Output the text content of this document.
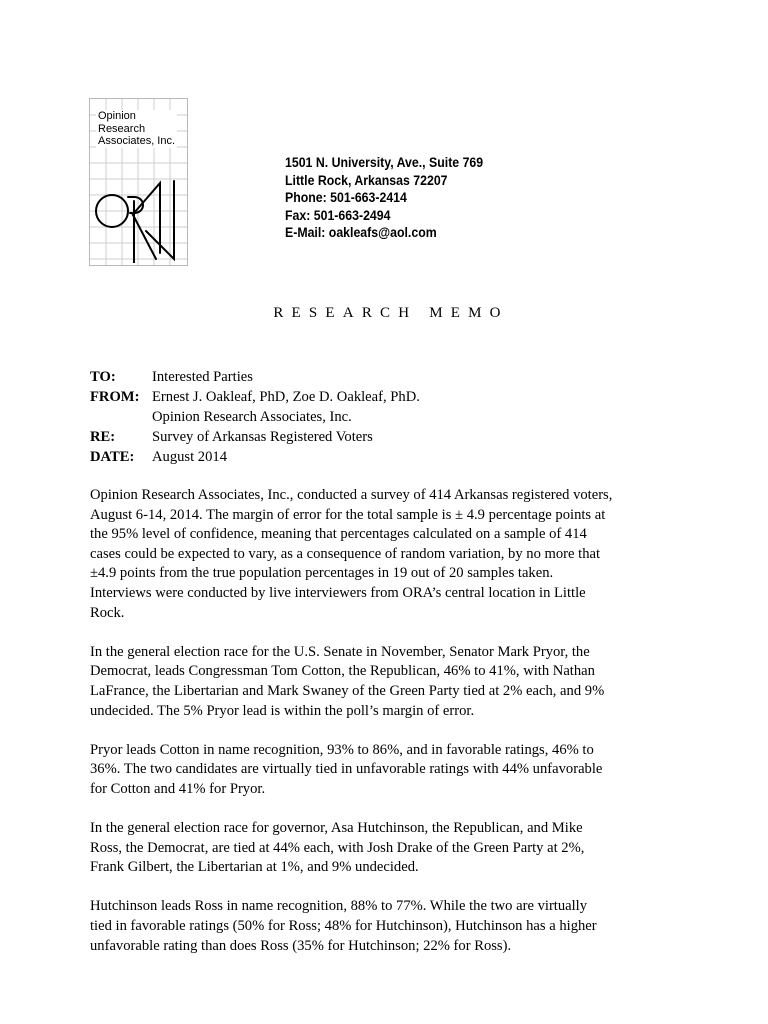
Opinion
Research
Associates, Inc.
1501 N. University, Ave., Suite 769
Little Rock, Arkansas 72207
Phone: 501-663-2414
Fax: 501-663-2494
E-Mail: oakleafs@aol.com
RESEARCH MEMO
TO:	Interested Parties
FROM: Ernest J. Oakleaf, PhD, Zoe D. Oakleaf, PhD.
Opinion Research Associates, Inc.
RE:	Survey of Arkansas Registered Voters
DATE:	August 2014

Opinion Research Associates, Inc., conducted a survey of 414 Arkansas registered voters,
August 6-14, 2014. The margin of error for the total sample is ± 4.9 percentage points at
the 95% level of confidence, meaning that percentages calculated on a sample of 414
cases could be expected to vary, as a consequence of random variation, by no more that
±4.9 points from the true population percentages in 19 out of 20 samples taken.
Interviews were conducted by live interviewers from ORA’s central location in Little
Rock.

In the general election race for the U.S. Senate in November, Senator Mark Pryor, the
Democrat, leads Congressman Tom Cotton, the Republican, 46% to 41%, with Nathan
LaFrance, the Libertarian and Mark Swaney of the Green Party tied at 2% each, and 9%
undecided. The 5% Pryor lead is within the poll’s margin of error.

Pryor leads Cotton in name recognition, 93% to 86%, and in favorable ratings, 46% to
36%. The two candidates are virtually tied in unfavorable ratings with 44% unfavorable
for Cotton and 41% for Pryor.

In the general election race for governor, Asa Hutchinson, the Republican, and Mike
Ross, the Democrat, are tied at 44% each, with Josh Drake of the Green Party at 2%,
Frank Gilbert, the Libertarian at 1%, and 9% undecided.

Hutchinson leads Ross in name recognition, 88% to 77%. While the two are virtually
tied in favorable ratings (50% for Ross; 48% for Hutchinson), Hutchinson has a higher
unfavorable rating than does Ross (35% for Hutchinson; 22% for Ross).
